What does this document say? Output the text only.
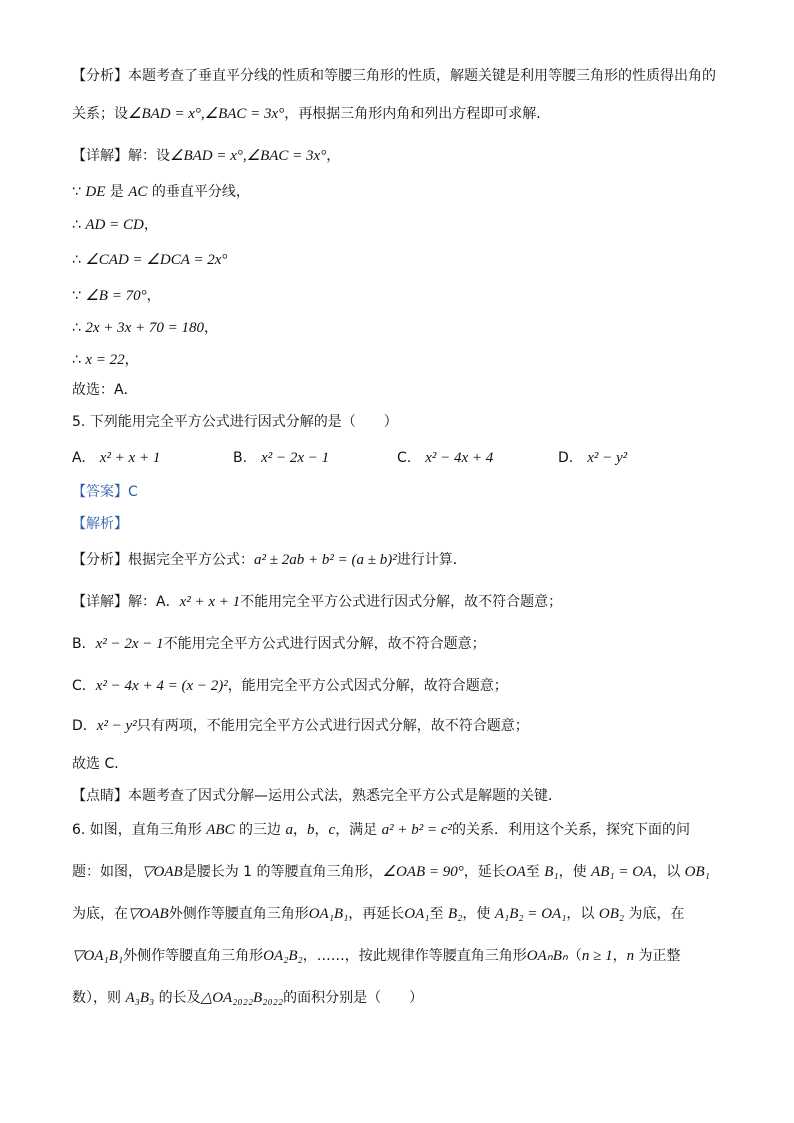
【分析】本题考查了垂直平分线的性质和等腰三角形的性质，解题关键是利用等腰三角形的性质得出角的
关系；设∠BAD = x°,∠BAC = 3x°，再根据三角形内角和列出方程即可求解．
【详解】解：设∠BAD = x°,∠BAC = 3x°，
∵ DE 是 AC 的垂直平分线，
∴ AD = CD，
∴ ∠CAD = ∠DCA = 2x°
∵ ∠B = 70°，
∴ 2x + 3x + 70 = 180，
∴ x = 22，
故选：A．
5. 下列能用完全平方公式进行因式分解的是（　　）
A. x² + x + 1	B. x² − 2x − 1	C. x² − 4x + 4	D. x² − y²
【答案】C
【解析】
【分析】根据完全平方公式：a² ± 2ab + b² = (a ± b)²进行计算．
【详解】解：A．x² + x + 1不能用完全平方公式进行因式分解，故不符合题意；
B．x² − 2x − 1不能用完全平方公式进行因式分解，故不符合题意；
C．x² − 4x + 4 = (x − 2)²，能用完全平方公式因式分解，故符合题意；
D．x² − y²只有两项，不能用完全平方公式进行因式分解，故不符合题意；
故选 C．
【点睛】本题考查了因式分解—运用公式法，熟悉完全平方公式是解题的关键．
6. 如图，直角三角形 ABC 的三边 a，b，c，满足 a² + b² = c²的关系．利用这个关系，探究下面的问
题：如图，▽OAB是腰长为 1 的等腰直角三角形，∠OAB = 90°，延长OA至 B₁，使 AB₁ = OA，以 OB₁
为底，在▽OAB外侧作等腰直角三角形OA₁B₁，再延长OA₁至 B₂，使 A₁B₂ = OA₁，以 OB₂ 为底，在
▽OA₁B₁外侧作等腰直角三角形OA₂B₂，……，按此规律作等腰直角三角形OAₙBₙ（n ≥ 1，n 为正整
数），则 A₃B₃ 的长及△OA₂₀₂₂B₂₀₂₂的面积分别是（　　）
